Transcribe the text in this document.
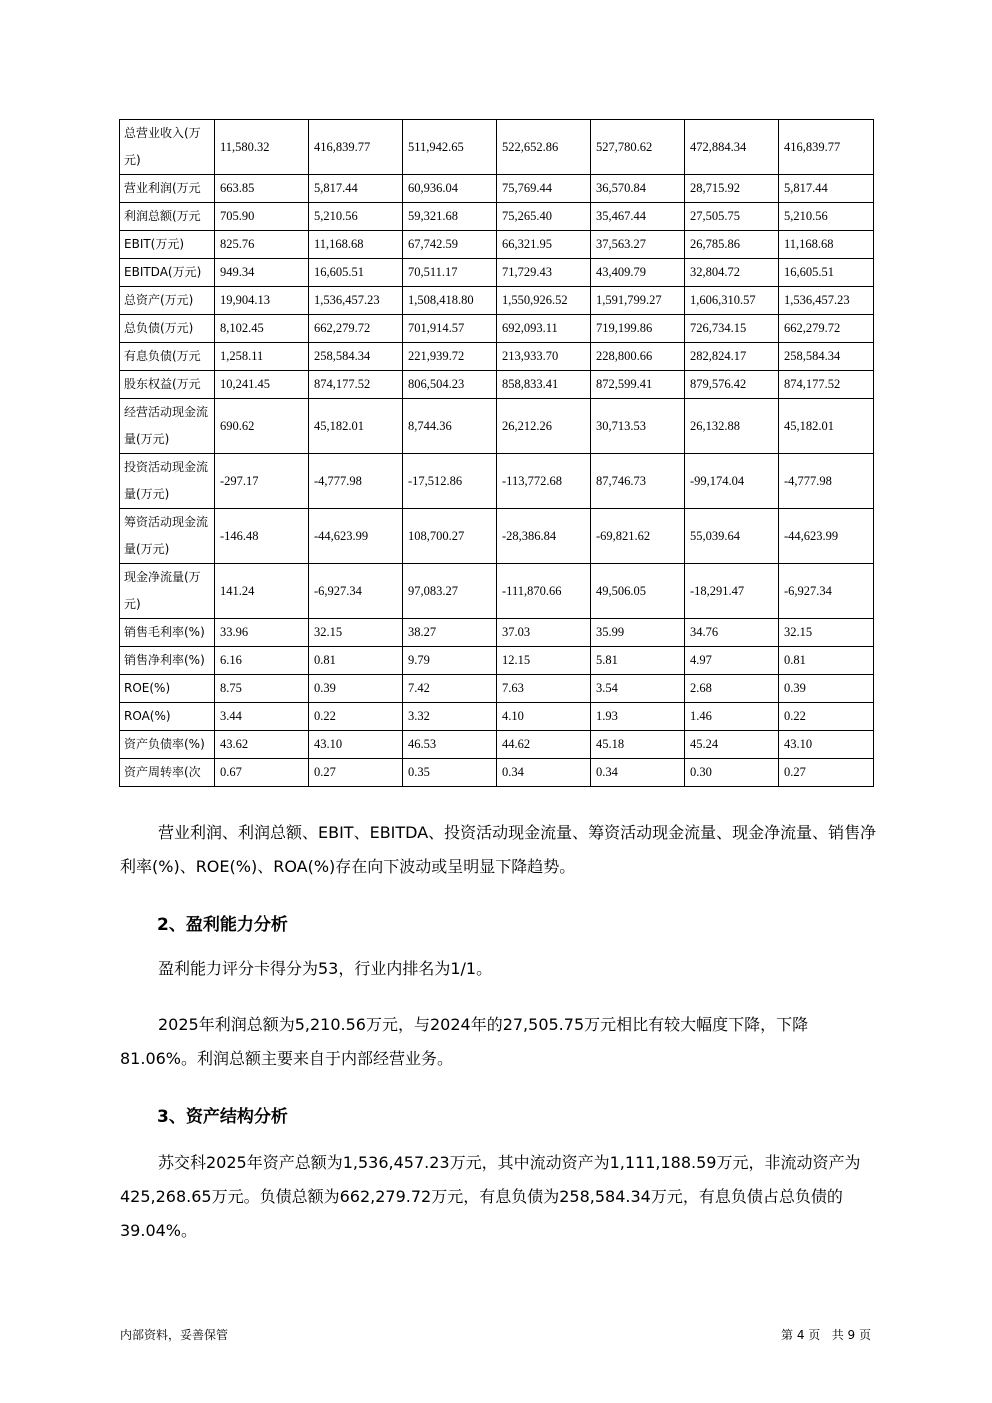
总营业收入(万元)	11,580.32	416,839.77	511,942.65	522,652.86	527,780.62	472,884.34	416,839.77
营业利润(万元	663.85	5,817.44	60,936.04	75,769.44	36,570.84	28,715.92	5,817.44
利润总额(万元	705.90	5,210.56	59,321.68	75,265.40	35,467.44	27,505.75	5,210.56
EBIT(万元)	825.76	11,168.68	67,742.59	66,321.95	37,563.27	26,785.86	11,168.68
EBITDA(万元)	949.34	16,605.51	70,511.17	71,729.43	43,409.79	32,804.72	16,605.51
总资产(万元)	19,904.13	1,536,457.23	1,508,418.80	1,550,926.52	1,591,799.27	1,606,310.57	1,536,457.23
总负债(万元)	8,102.45	662,279.72	701,914.57	692,093.11	719,199.86	726,734.15	662,279.72
有息负债(万元	1,258.11	258,584.34	221,939.72	213,933.70	228,800.66	282,824.17	258,584.34
股东权益(万元	10,241.45	874,177.52	806,504.23	858,833.41	872,599.41	879,576.42	874,177.52
经营活动现金流量(万元)	690.62	45,182.01	8,744.36	26,212.26	30,713.53	26,132.88	45,182.01
投资活动现金流量(万元)	-297.17	-4,777.98	-17,512.86	-113,772.68	87,746.73	-99,174.04	-4,777.98
筹资活动现金流量(万元)	-146.48	-44,623.99	108,700.27	-28,386.84	-69,821.62	55,039.64	-44,623.99
现金净流量(万元)	141.24	-6,927.34	97,083.27	-111,870.66	49,506.05	-18,291.47	-6,927.34
销售毛利率(%)	33.96	32.15	38.27	37.03	35.99	34.76	32.15
销售净利率(%)	6.16	0.81	9.79	12.15	5.81	4.97	0.81
ROE(%)	8.75	0.39	7.42	7.63	3.54	2.68	0.39
ROA(%)	3.44	0.22	3.32	4.10	1.93	1.46	0.22
资产负债率(%)	43.62	43.10	46.53	44.62	45.18	45.24	43.10
资产周转率(次	0.67	0.27	0.35	0.34	0.34	0.30	0.27

营业利润、利润总额、EBIT、EBITDA、投资活动现金流量、筹资活动现金流量、现金净流量、销售净利率(%)、ROE(%)、ROA(%)存在向下波动或呈明显下降趋势。

2、盈利能力分析

盈利能力评分卡得分为53，行业内排名为1/1。

2025年利润总额为5,210.56万元，与2024年的27,505.75万元相比有较大幅度下降，下降81.06%。利润总额主要来自于内部经营业务。

3、资产结构分析

苏交科2025年资产总额为1,536,457.23万元，其中流动资产为1,111,188.59万元，非流动资产为425,268.65万元。负债总额为662,279.72万元，有息负债为258,584.34万元，有息负债占总负债的39.04%。

内部资料，妥善保管	第 4 页   共 9 页
